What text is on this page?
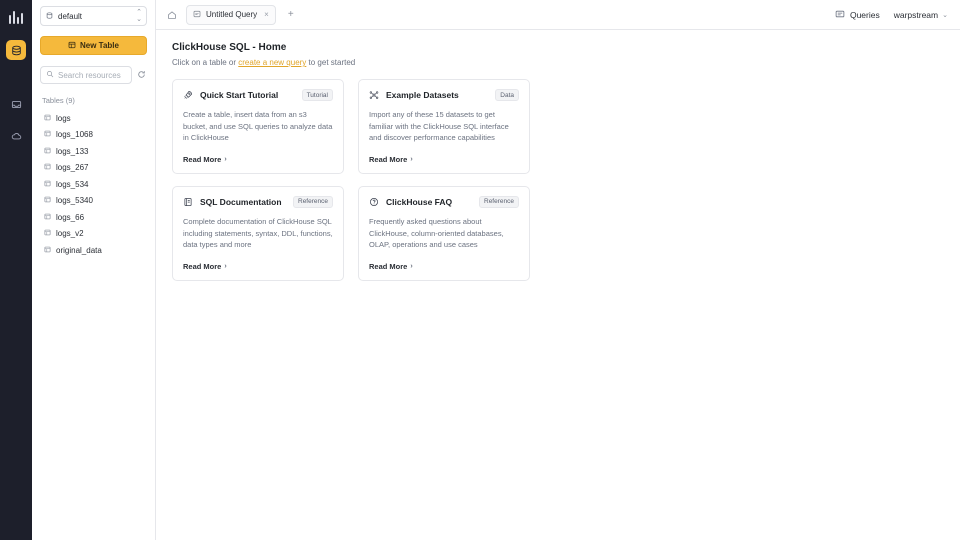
default	⌃
⌄
New Table
Search resources
Tables (9)
logs
logs_1068
logs_133
logs_267
logs_534
logs_5340
logs_66
logs_v2
original_data
Untitled Query ×	+	Queries warpstream ⌄
ClickHouse SQL - Home
Click on a table or create a new query to get started
Quick Start Tutorial	Tutorial
Create a table, insert data from an s3 bucket, and use SQL queries to analyze data in ClickHouse
Read More ›
Example Datasets	Data
Import any of these 15 datasets to get familiar with the ClickHouse SQL interface and discover performance capabilities
Read More ›
SQL Documentation	Reference
Complete documentation of ClickHouse SQL including statements, syntax, DDL, functions, data types and more
Read More ›
ClickHouse FAQ	Reference
Frequently asked questions about ClickHouse, column-oriented databases, OLAP, operations and use cases
Read More ›
